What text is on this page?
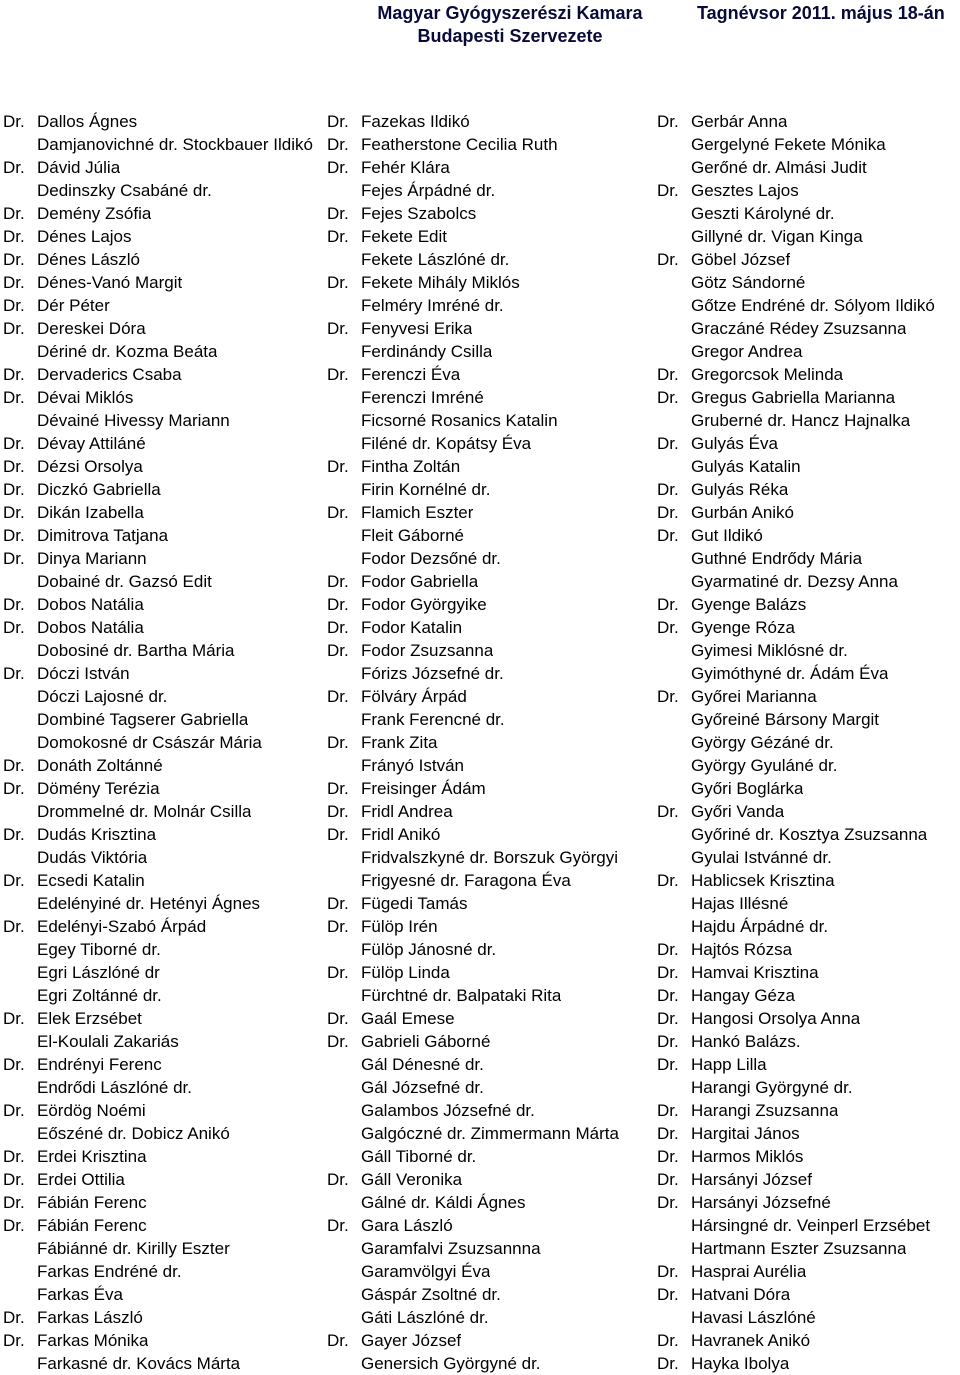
Magyar Gyógyszerészi Kamara
Budapesti Szervezete
Tagnévsor 2011. május 18-án
Dr. Dallos Ágnes
Damjanovichné dr. Stockbauer Ildikó
Dr. Dávid Júlia
Dedinszky Csabáné dr.
Dr. Demény Zsófia
Dr. Dénes Lajos
Dr. Dénes László
Dr. Dénes-Vanó Margit
Dr. Dér Péter
Dr. Dereskei Dóra
Dériné dr. Kozma Beáta
Dr. Dervaderics Csaba
Dr. Dévai Miklós
Dévainé Hivessy Mariann
Dr. Dévay Attiláné
Dr. Dézsi Orsolya
Dr. Diczkó Gabriella
Dr. Dikán Izabella
Dr. Dimitrova Tatjana
Dr. Dinya Mariann
Dobainé dr. Gazsó Edit
Dr. Dobos Natália
Dr. Dobos Natália
Dobosiné dr. Bartha Mária
Dr. Dóczi István
Dóczi Lajosné dr.
Dombiné Tagserer Gabriella
Domokosné dr Császár Mária
Dr. Donáth Zoltánné
Dr. Dömény Terézia
Drommelné dr. Molnár Csilla
Dr. Dudás Krisztina
Dudás Viktória
Dr. Ecsedi Katalin
Edelényiné dr. Hetényi Ágnes
Dr. Edelényi-Szabó Árpád
Egey Tiborné dr.
Egri Lászlóné dr
Egri Zoltánné dr.
Dr. Elek Erzsébet
El-Koulali Zakariás
Dr. Endrényi Ferenc
Endrődi Lászlóné dr.
Dr. Eördög Noémi
Eőszéné dr. Dobicz Anikó
Dr. Erdei Krisztina
Dr. Erdei Ottilia
Dr. Fábián Ferenc
Dr. Fábián Ferenc
Fábiánné dr. Kirilly Eszter
Farkas Endréné dr.
Farkas Éva
Dr. Farkas László
Dr. Farkas Mónika
Farkasné dr. Kovács Márta
Dr. Fazekas Ildikó
Dr. Featherstone Cecilia Ruth
Dr. Fehér Klára
Fejes Árpádné dr.
Dr. Fejes Szabolcs
Dr. Fekete Edit
Fekete Lászlóné dr.
Dr. Fekete Mihály Miklós
Felméry Imréné dr.
Dr. Fenyvesi Erika
Ferdinándy Csilla
Dr. Ferenczi Éva
Ferenczi Imréné
Ficsorné Rosanics Katalin
Filéné dr. Kopátsy Éva
Dr. Fintha Zoltán
Firin Kornélné dr.
Dr. Flamich Eszter
Fleit Gáborné
Fodor Dezsőné dr.
Dr. Fodor Gabriella
Dr. Fodor Györgyike
Dr. Fodor Katalin
Dr. Fodor Zsuzsanna
Fórizs Józsefné dr.
Dr. Fölváry Árpád
Frank Ferencné dr.
Dr. Frank Zita
Frányó István
Dr. Freisinger Ádám
Dr. Fridl Andrea
Dr. Fridl Anikó
Fridvalszkyné dr. Borszuk Györgyi
Frigyesné dr. Faragona Éva
Dr. Fügedi Tamás
Dr. Fülöp Irén
Fülöp Jánosné dr.
Dr. Fülöp Linda
Fürchtné dr. Balpataki Rita
Dr. Gaál Emese
Dr. Gabrieli Gáborné
Gál Dénesné dr.
Gál Józsefné dr.
Galambos Józsefné dr.
Galgóczné dr. Zimmermann Márta
Gáll Tiborné dr.
Dr. Gáll Veronika
Gálné dr. Káldi Ágnes
Dr. Gara László
Garamfalvi Zsuzsannna
Garamvölgyi Éva
Gáspár Zsoltné dr.
Gáti Lászlóné dr.
Dr. Gayer József
Genersich Györgyné dr.
Dr. Gerbár Anna
Gergelyné Fekete Mónika
Gerőné dr. Almási Judit
Dr. Gesztes Lajos
Geszti Károlyné dr.
Gillyné dr. Vigan Kinga
Dr. Göbel József
Götz Sándorné
Gőtze Endréné dr. Sólyom Ildikó
Graczáné Rédey Zsuzsanna
Gregor Andrea
Dr. Gregorcsok Melinda
Dr. Gregus Gabriella Marianna
Gruberné dr. Hancz Hajnalka
Dr. Gulyás Éva
Gulyás Katalin
Dr. Gulyás Réka
Dr. Gurbán Anikó
Dr. Gut Ildikó
Guthné Endrődy Mária
Gyarmatiné dr. Dezsy Anna
Dr. Gyenge Balázs
Dr. Gyenge Róza
Gyimesi Miklósné dr.
Gyimóthyné dr. Ádám Éva
Dr. Győrei Marianna
Győreiné Bársony Margit
György Gézáné dr.
György Gyuláné dr.
Győri Boglárka
Dr. Győri Vanda
Győriné dr. Kosztya Zsuzsanna
Gyulai Istvánné dr.
Dr. Hablicsek Krisztina
Hajas Illésné
Hajdu Árpádné dr.
Dr. Hajtós Rózsa
Dr. Hamvai Krisztina
Dr. Hangay Géza
Dr. Hangosi Orsolya Anna
Dr. Hankó Balázs.
Dr. Happ Lilla
Harangi Györgyné dr.
Dr. Harangi Zsuzsanna
Dr. Hargitai János
Dr. Harmos Miklós
Dr. Harsányi József
Dr. Harsányi Józsefné
Hársingné dr. Veinperl Erzsébet
Hartmann Eszter Zsuzsanna
Dr. Hasprai Aurélia
Dr. Hatvani Dóra
Havasi Lászlóné
Dr. Havranek Anikó
Dr. Hayka Ibolya
